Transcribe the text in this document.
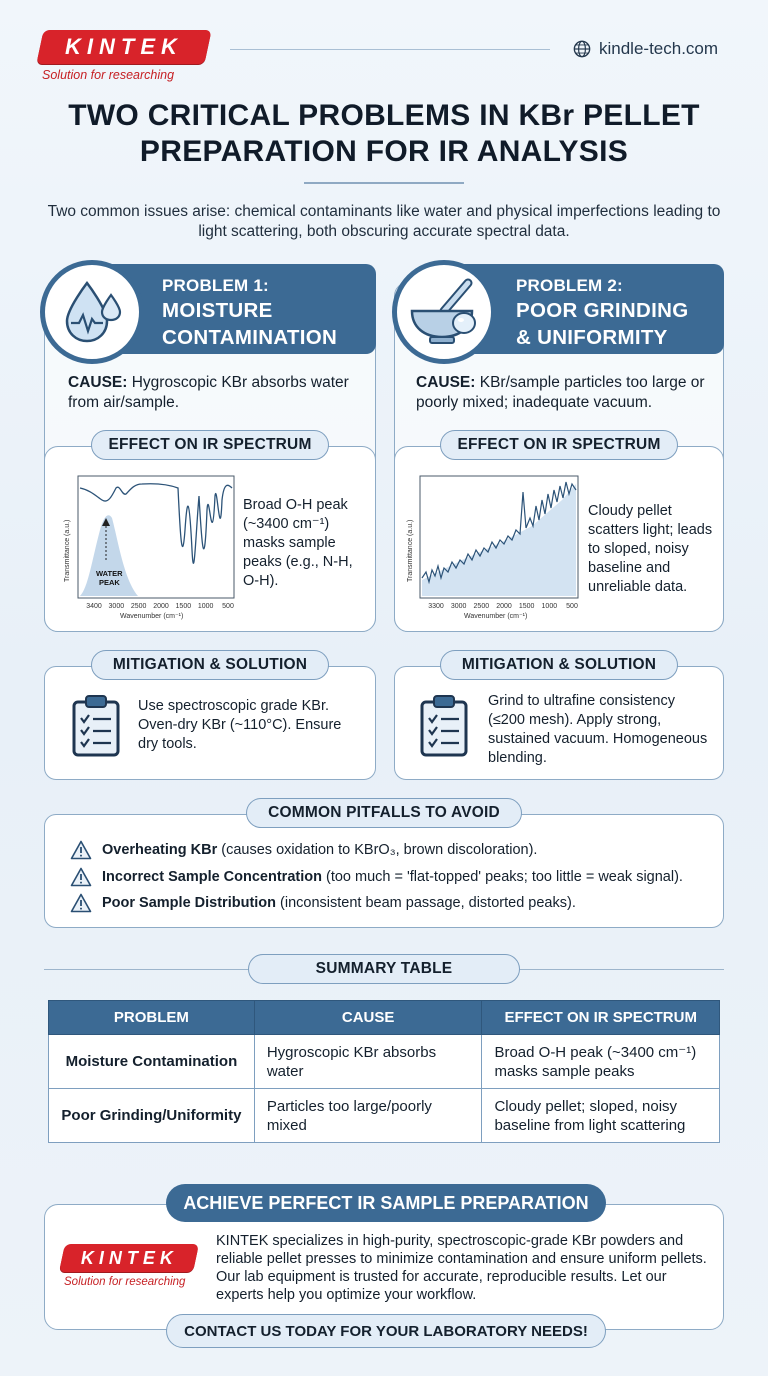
KINTEK
Solution for researching
kindle-tech.com
TWO CRITICAL PROBLEMS IN KBr PELLET
PREPARATION FOR IR ANALYSIS
Two common issues arise: chemical contaminants like water and physical imperfections leading to light scattering, both obscuring accurate spectral data.
PROBLEM 1:
MOISTURE
CONTAMINATION
CAUSE: Hygroscopic KBr absorbs water from air/sample.
EFFECT ON IR SPECTRUM
Transmittance (a.u.)	WATER
PEAK
3400 3000 2500 2000 1500 1000 500
Wavenumber (cm⁻¹)
Broad O-H peak (~3400 cm⁻¹) masks sample peaks (e.g., N-H, O-H).
MITIGATION & SOLUTION
Use spectroscopic grade KBr. Oven-dry KBr (~110°C). Ensure dry tools.
PROBLEM 2:
POOR GRINDING
& UNIFORMITY
CAUSE: KBr/sample particles too large or poorly mixed; inadequate vacuum.
EFFECT ON IR SPECTRUM
Transmittance (a.u.)
3300 3000 2500 2000 1500 1000 500
Wavenumber (cm⁻¹)
Cloudy pellet scatters light; leads to sloped, noisy baseline and unreliable data.
MITIGATION & SOLUTION
Grind to ultrafine consistency (≤200 mesh). Apply strong, sustained vacuum. Homogeneous blending.
COMMON PITFALLS TO AVOID
Overheating KBr (causes oxidation to KBrO₃, brown discoloration).
Incorrect Sample Concentration (too much = 'flat-topped' peaks; too little = weak signal).
Poor Sample Distribution (inconsistent beam passage, distorted peaks).
SUMMARY TABLE
PROBLEM	CAUSE	EFFECT ON IR SPECTRUM
Moisture Contamination	Hygroscopic KBr absorbs water	Broad O-H peak (~3400 cm⁻¹) masks sample peaks
Poor Grinding/Uniformity	Particles too large/poorly mixed	Cloudy pellet; sloped, noisy baseline from light scattering
ACHIEVE PERFECT IR SAMPLE PREPARATION
KINTEK
Solution for researching
KINTEK specializes in high-purity, spectroscopic-grade KBr powders and reliable pellet presses to minimize contamination and ensure uniform pellets. Our lab equipment is trusted for accurate, reproducible results. Let our experts help you optimize your workflow.
CONTACT US TODAY FOR YOUR LABORATORY NEEDS!
